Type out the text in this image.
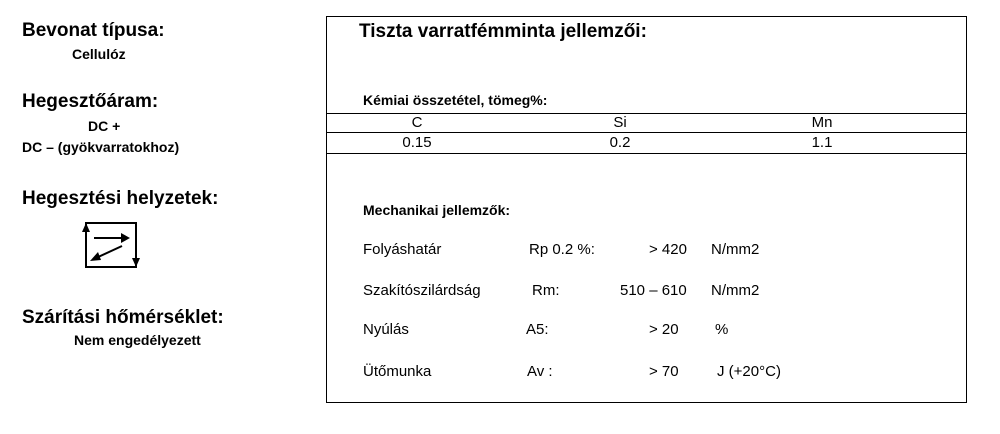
Bevonat típusa:
Cellulóz
Hegesztőáram:
DC +
DC – (gyökvarratokhoz)
Hegesztési helyzetek:
Szárítási hőmérséklet:
Nem engedélyezett
Tiszta varratfémminta jellemzői:
Kémiai összetétel, tömeg%:
C	Si	Mn
0.15	0.2	1.1
Mechanikai jellemzők:
Folyáshatár	Rp 0.2 %:	> 420 N/mm2
Szakítószilárdság	Rm:	510 – 610 N/mm2
Nyúlás	A5:	> 20 %
Ütőmunka	Av :	> 70	J (+20°C)
